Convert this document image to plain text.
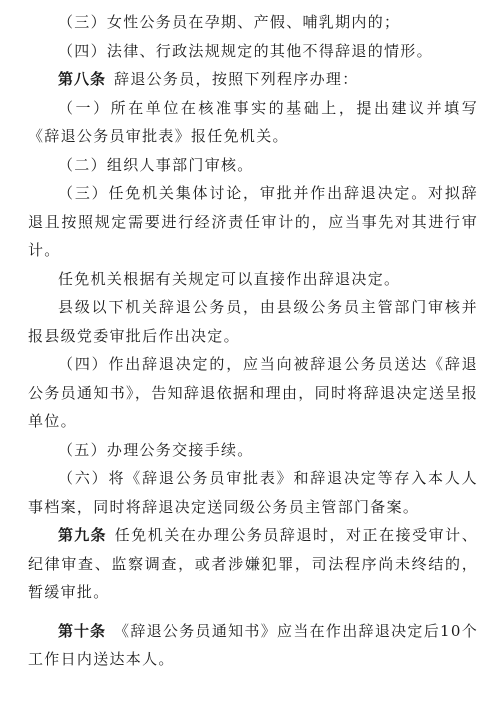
（三）女性公务员在孕期、产假、哺乳期内的；

（四）法律、行政法规规定的其他不得辞退的情形。

第八条 辞退公务员，按照下列程序办理：

（一）所在单位在核准事实的基础上，提出建议并填写《辞退公务员审批表》报任免机关。

（二）组织人事部门审核。

（三）任免机关集体讨论，审批并作出辞退决定。对拟辞退且按照规定需要进行经济责任审计的，应当事先对其进行审计。

任免机关根据有关规定可以直接作出辞退决定。

县级以下机关辞退公务员，由县级公务员主管部门审核并报县级党委审批后作出决定。

（四）作出辞退决定的，应当向被辞退公务员送达《辞退公务员通知书》，告知辞退依据和理由，同时将辞退决定送呈报单位。

（五）办理公务交接手续。

（六）将《辞退公务员审批表》和辞退决定等存入本人人事档案，同时将辞退决定送同级公务员主管部门备案。

第九条 任免机关在办理公务员辞退时，对正在接受审计、纪律审查、监察调查，或者涉嫌犯罪，司法程序尚未终结的，暂缓审批。

第十条 《辞退公务员通知书》应当在作出辞退决定后10个工作日内送达本人。
